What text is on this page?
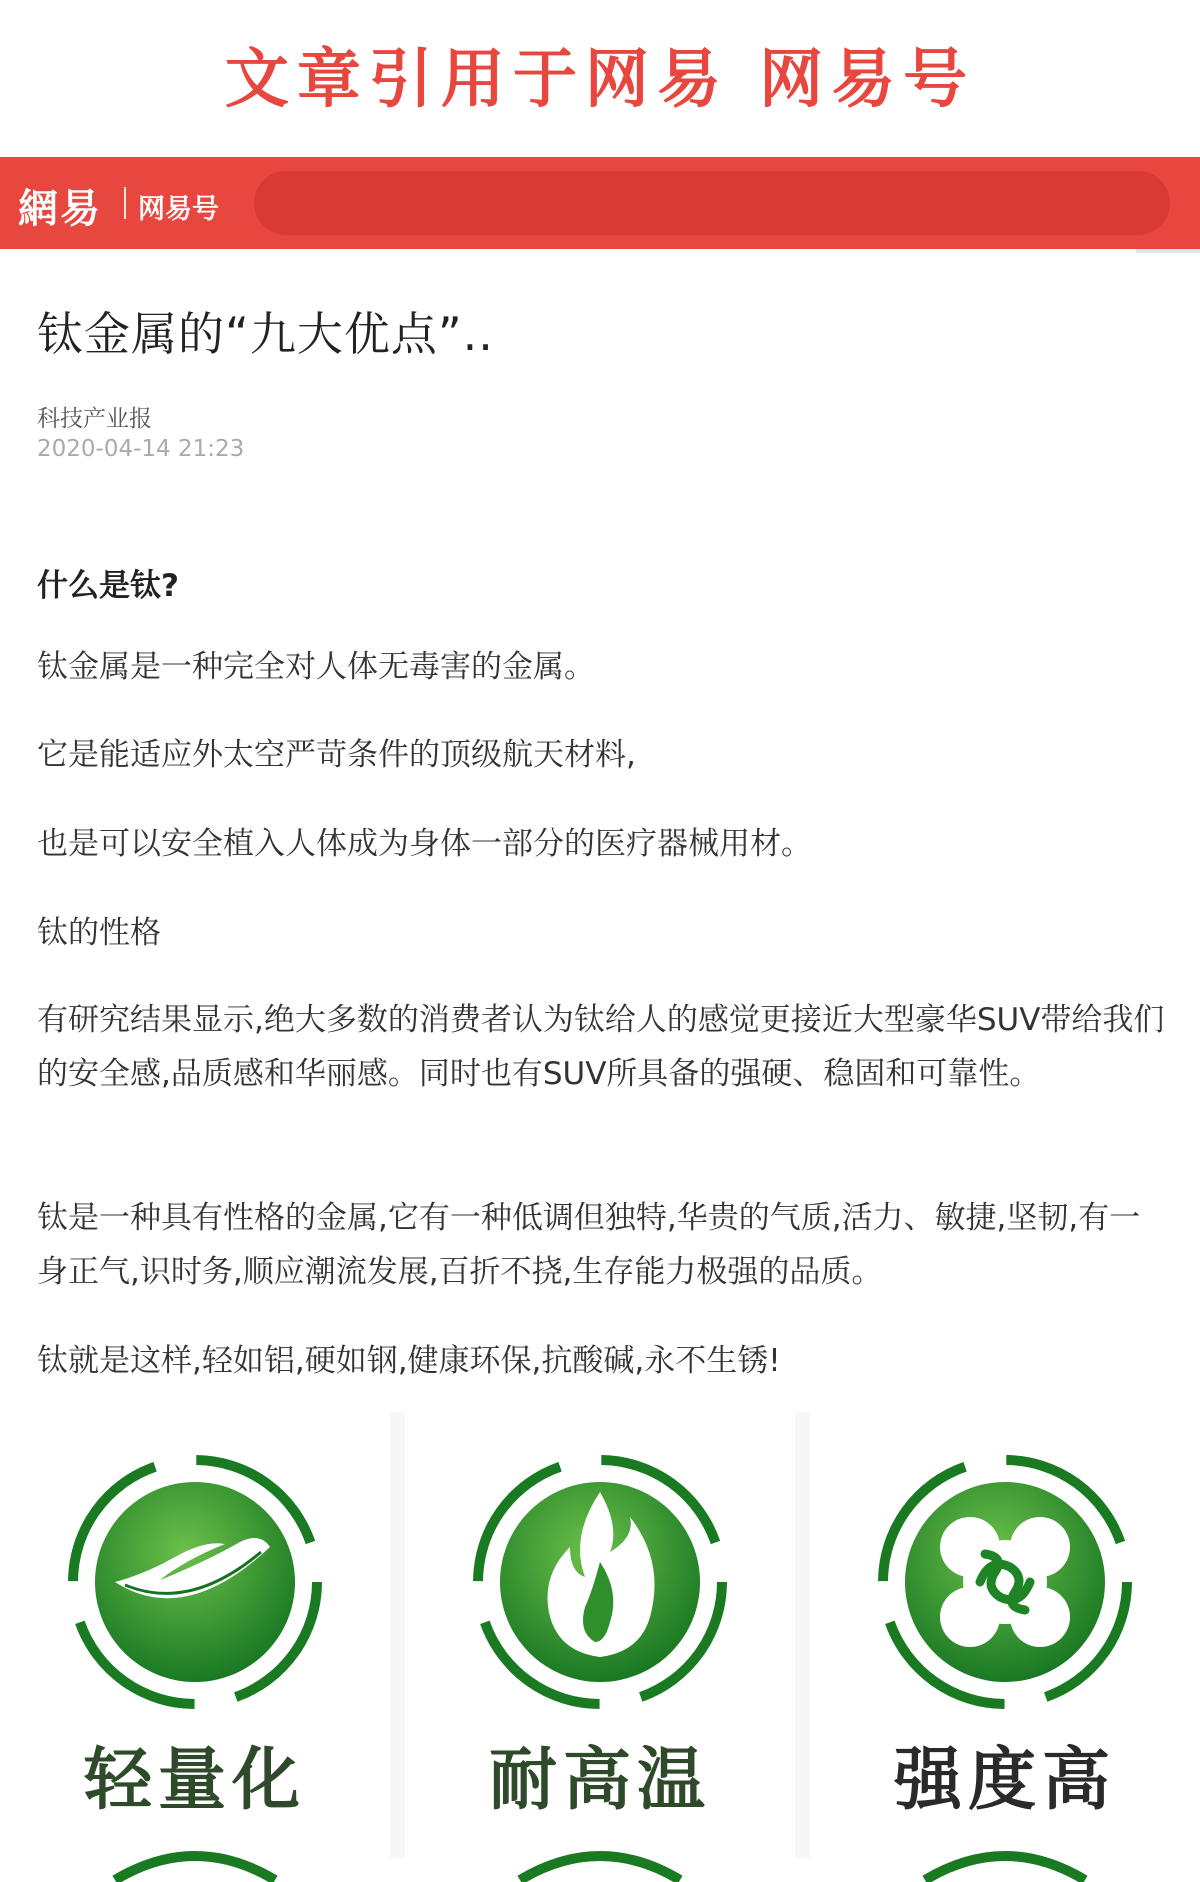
文章引用于网易 网易号
網易 网易号
钛金属的“九大优点”..
科技产业报
2020-04-14 21:23
什么是钛?
钛金属是一种完全对人体无毒害的金属。
它是能适应外太空严苛条件的顶级航天材料,
也是可以安全植入人体成为身体一部分的医疗器械用材。
钛的性格
有研究结果显示,绝大多数的消费者认为钛给人的感觉更接近大型豪华SUV带给我们的安全感,品质感和华丽感。同时也有SUV所具备的强硬、稳固和可靠性。
钛是一种具有性格的金属,它有一种低调但独特,华贵的气质,活力、敏捷,坚韧,有一身正气,识时务,顺应潮流发展,百折不挠,生存能力极强的品质。
钛就是这样,轻如铝,硬如钢,健康环保,抗酸碱,永不生锈!
轻量化	耐高温	强度高
